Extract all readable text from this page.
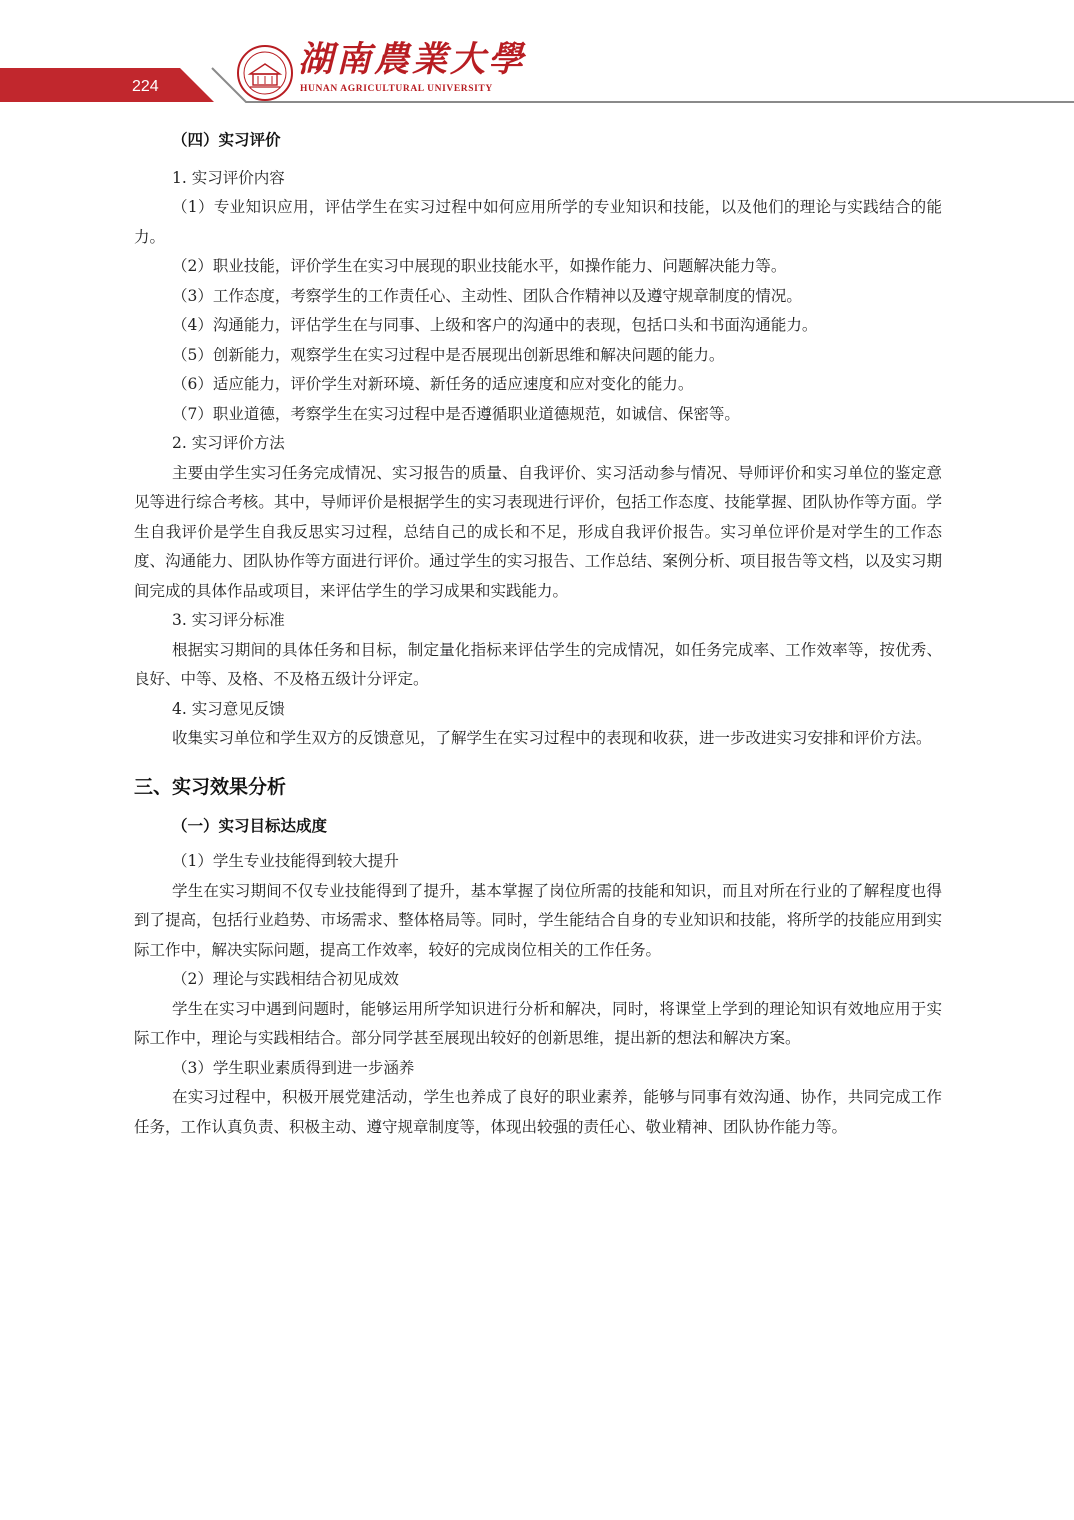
224
湖南農業大學
HUNAN AGRICULTURAL UNIVERSITY

（四）实习评价

1. 实习评价内容

（1）专业知识应用，评估学生在实习过程中如何应用所学的专业知识和技能，以及他们的理论与实践结合的能力。

（2）职业技能，评价学生在实习中展现的职业技能水平，如操作能力、问题解决能力等。

（3）工作态度，考察学生的工作责任心、主动性、团队合作精神以及遵守规章制度的情况。

（4）沟通能力，评估学生在与同事、上级和客户的沟通中的表现，包括口头和书面沟通能力。

（5）创新能力，观察学生在实习过程中是否展现出创新思维和解决问题的能力。

（6）适应能力，评价学生对新环境、新任务的适应速度和应对变化的能力。

（7）职业道德，考察学生在实习过程中是否遵循职业道德规范，如诚信、保密等。

2. 实习评价方法

主要由学生实习任务完成情况、实习报告的质量、自我评价、实习活动参与情况、导师评价和实习单位的鉴定意见等进行综合考核。其中，导师评价是根据学生的实习表现进行评价，包括工作态度、技能掌握、团队协作等方面。学生自我评价是学生自我反思实习过程，总结自己的成长和不足，形成自我评价报告。实习单位评价是对学生的工作态度、沟通能力、团队协作等方面进行评价。通过学生的实习报告、工作总结、案例分析、项目报告等文档，以及实习期间完成的具体作品或项目，来评估学生的学习成果和实践能力。

3. 实习评分标准

根据实习期间的具体任务和目标，制定量化指标来评估学生的完成情况，如任务完成率、工作效率等，按优秀、良好、中等、及格、不及格五级计分评定。

4. 实习意见反馈

收集实习单位和学生双方的反馈意见，了解学生在实习过程中的表现和收获，进一步改进实习安排和评价方法。

三、实习效果分析

（一）实习目标达成度

（1）学生专业技能得到较大提升

学生在实习期间不仅专业技能得到了提升，基本掌握了岗位所需的技能和知识，而且对所在行业的了解程度也得到了提高，包括行业趋势、市场需求、整体格局等。同时，学生能结合自身的专业知识和技能，将所学的技能应用到实际工作中，解决实际问题，提高工作效率，较好的完成岗位相关的工作任务。

（2）理论与实践相结合初见成效

学生在实习中遇到问题时，能够运用所学知识进行分析和解决，同时，将课堂上学到的理论知识有效地应用于实际工作中，理论与实践相结合。部分同学甚至展现出较好的创新思维，提出新的想法和解决方案。

（3）学生职业素质得到进一步涵养

在实习过程中，积极开展党建活动，学生也养成了良好的职业素养，能够与同事有效沟通、协作，共同完成工作任务，工作认真负责、积极主动、遵守规章制度等，体现出较强的责任心、敬业精神、团队协作能力等。
